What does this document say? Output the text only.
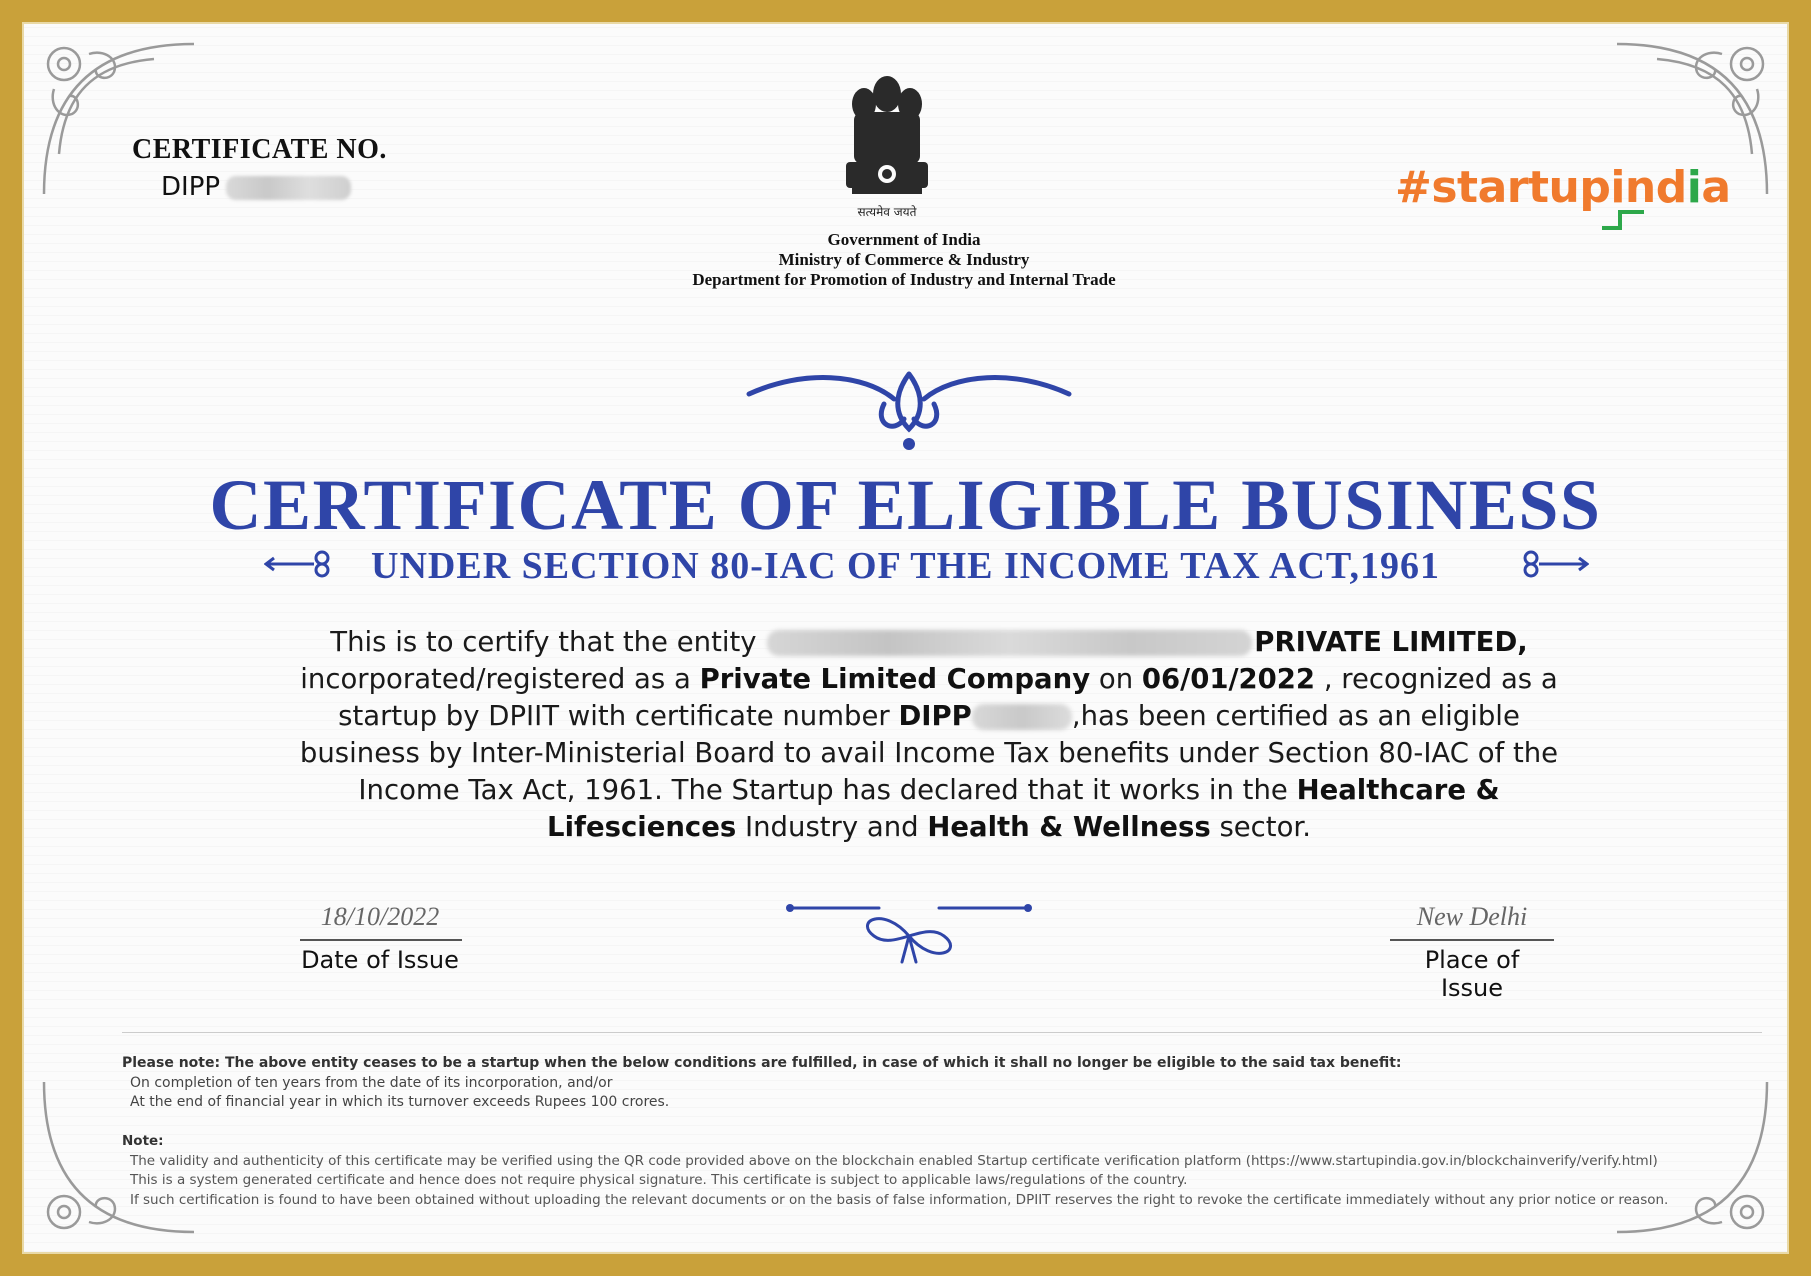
CERTIFICATE NO.
DIPP
सत्यमेव जयते
Government of India
Ministry of Commerce & Industry
Department for Promotion of Industry and Internal Trade
#startupindia
CERTIFICATE OF ELIGIBLE BUSINESS
UNDER SECTION 80-IAC OF THE INCOME TAX ACT,1961
This is to certify that the entity	PRIVATE LIMITED, incorporated/registered as a Private Limited Company on 06/01/2022 , recognized as a startup by DPIIT with certificate number DIPP	,has been certified as an eligible business by Inter-Ministerial Board to avail Income Tax benefits under Section 80-IAC of the Income Tax Act, 1961. The Startup has declared that it works in the Healthcare & Lifesciences Industry and Health & Wellness sector.
18/10/2022
Date of Issue
New Delhi
Place of Issue
Please note: The above entity ceases to be a startup when the below conditions are fulfilled, in case of which it shall no longer be eligible to the said tax benefit:
On completion of ten years from the date of its incorporation, and/or
At the end of financial year in which its turnover exceeds Rupees 100 crores.
Note:
The validity and authenticity of this certificate may be verified using the QR code provided above on the blockchain enabled Startup certificate verification platform (https://www.startupindia.gov.in/blockchainverify/verify.html)
This is a system generated certificate and hence does not require physical signature. This certificate is subject to applicable laws/regulations of the country.
If such certification is found to have been obtained without uploading the relevant documents or on the basis of false information, DPIIT reserves the right to revoke the certificate immediately without any prior notice or reason.
